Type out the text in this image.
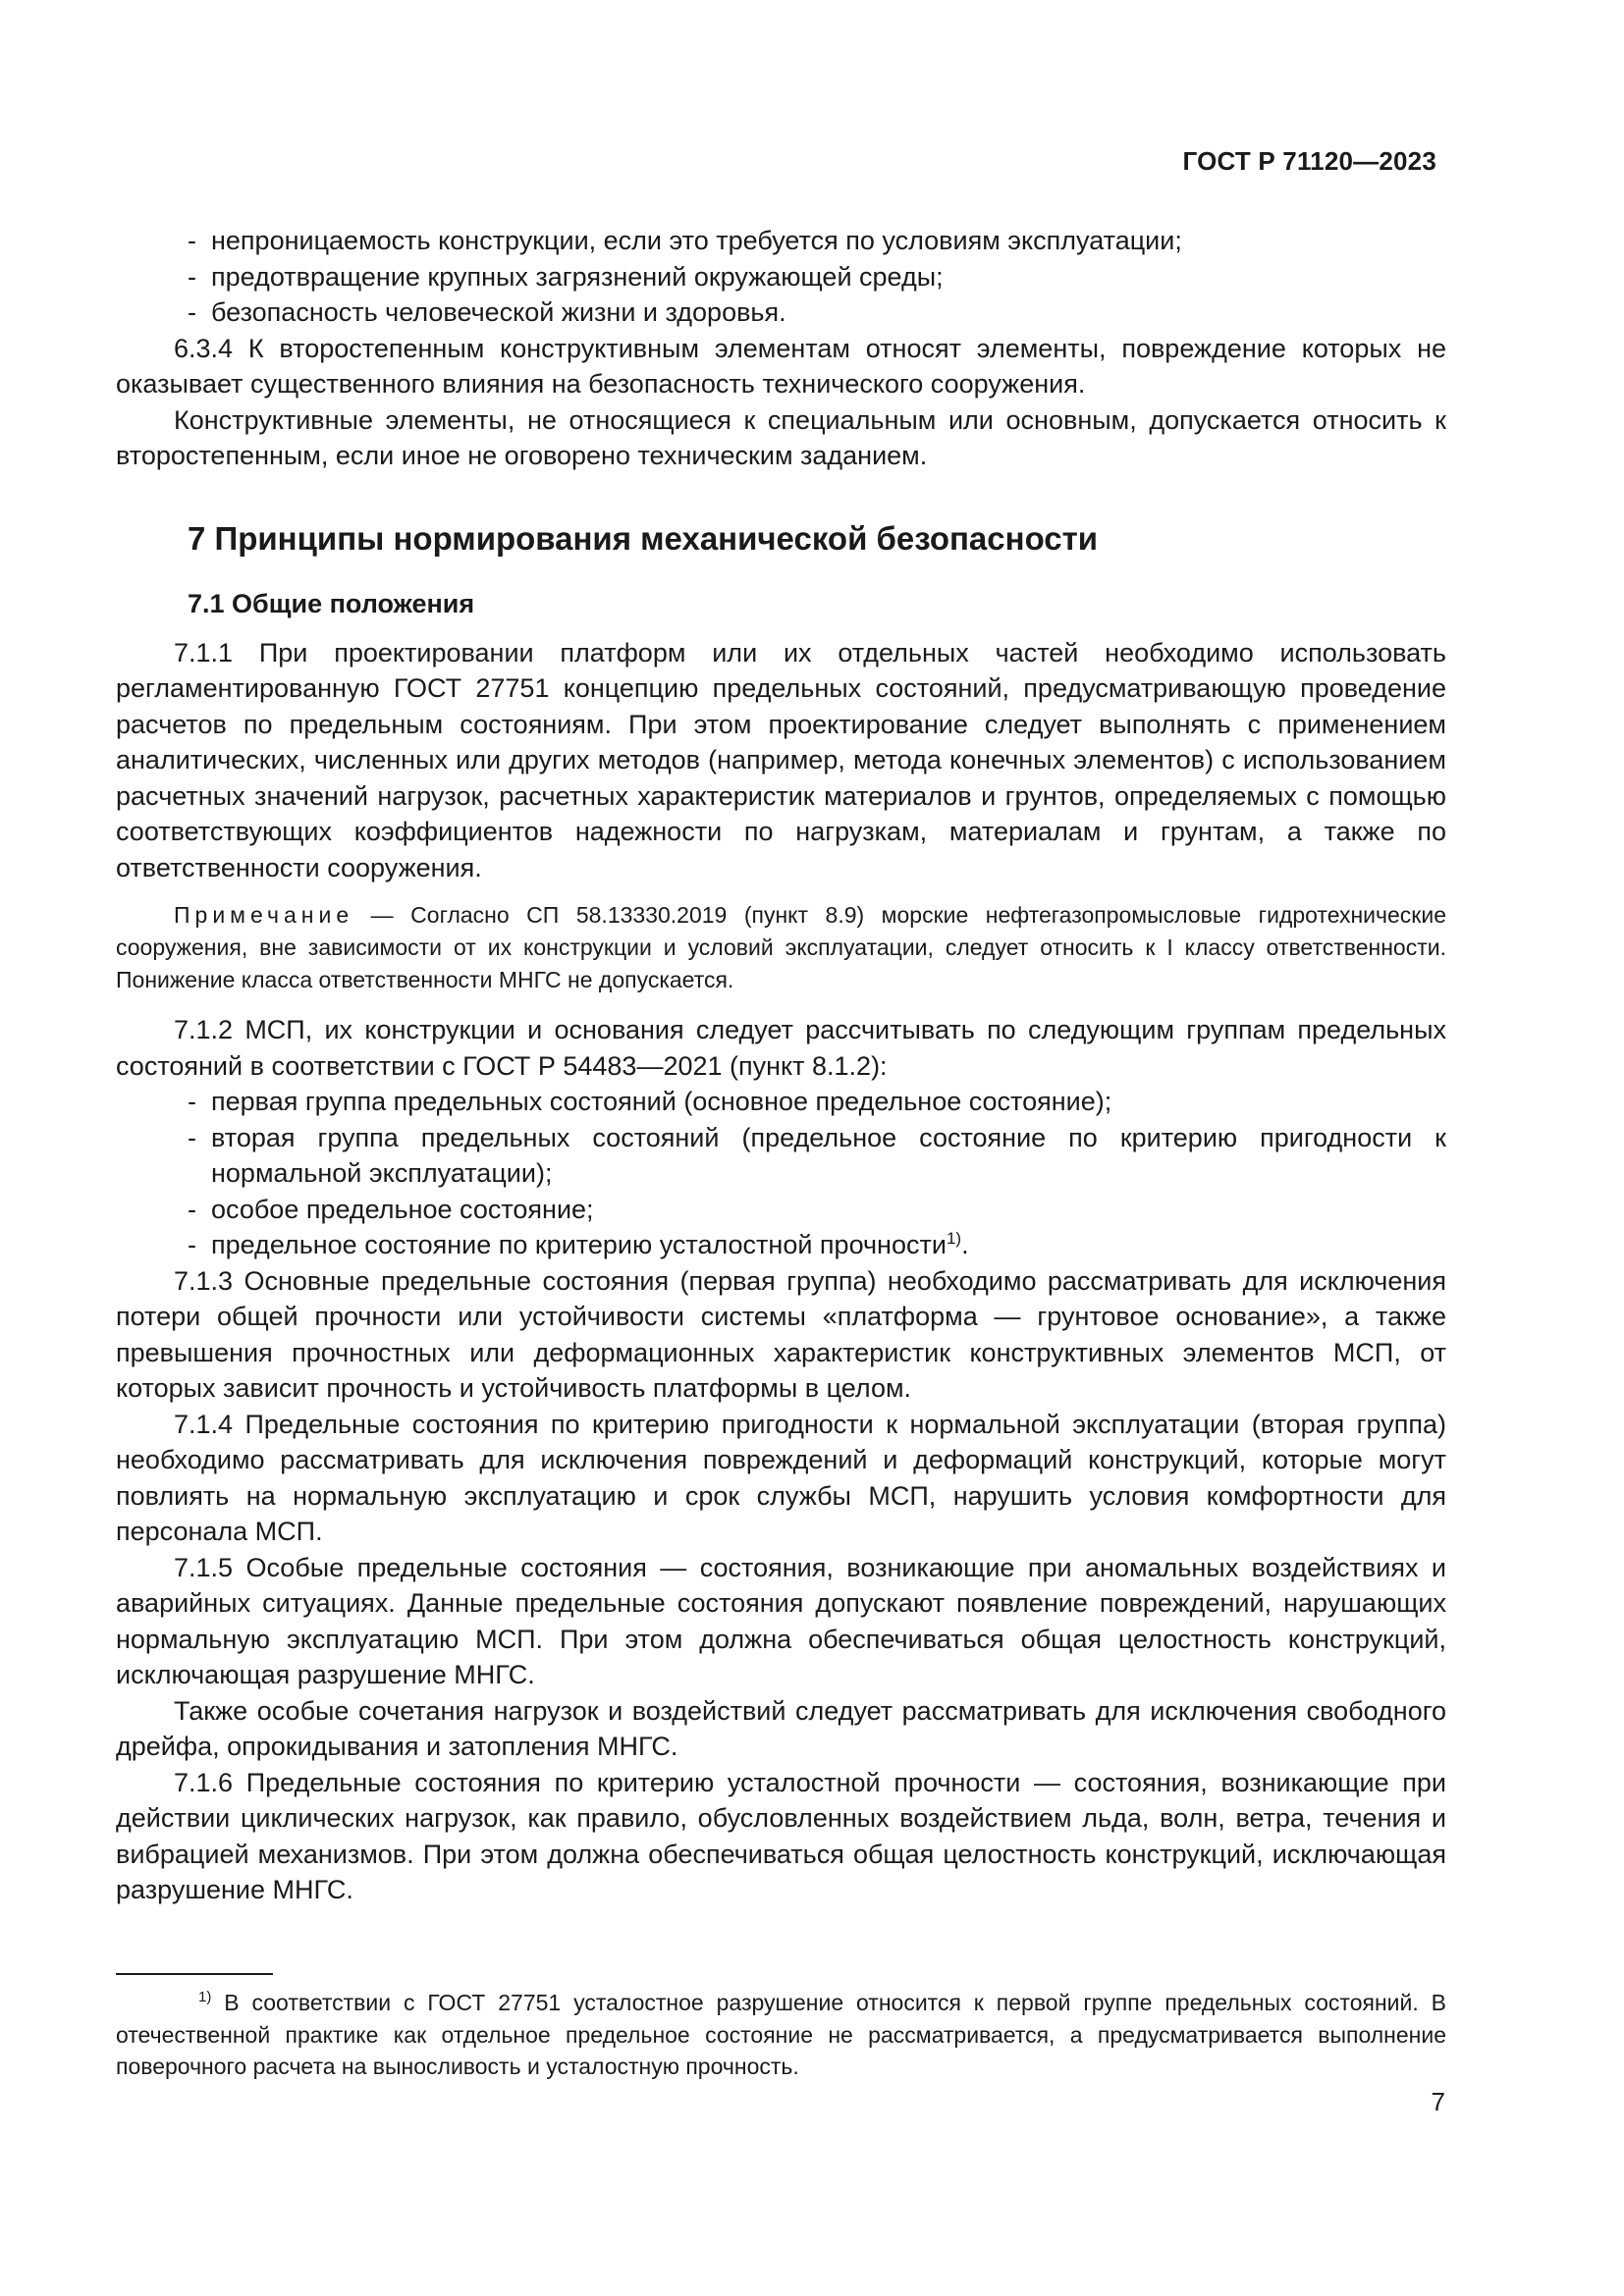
ГОСТ Р 71120—2023
- непроницаемость конструкции, если это требуется по условиям эксплуатации;
- предотвращение крупных загрязнений окружающей среды;
- безопасность человеческой жизни и здоровья.

6.3.4 К второстепенным конструктивным элементам относят элементы, повреждение которых не оказывает существенного влияния на безопасность технического сооружения.

Конструктивные элементы, не относящиеся к специальным или основным, допускается относить к второстепенным, если иное не оговорено техническим заданием.

7 Принципы нормирования механической безопасности
7.1 Общие положения

7.1.1 При проектировании платформ или их отдельных частей необходимо использовать регламентированную ГОСТ 27751 концепцию предельных состояний, предусматривающую проведение расчетов по предельным состояниям. При этом проектирование следует выполнять с применением аналитических, численных или других методов (например, метода конечных элементов) с использованием расчетных значений нагрузок, расчетных характеристик материалов и грунтов, определяемых с помощью соответствующих коэффициентов надежности по нагрузкам, материалам и грунтам, а также по ответственности сооружения.

Примечание — Согласно СП 58.13330.2019 (пункт 8.9) морские нефтегазопромысловые гидротехнические сооружения, вне зависимости от их конструкции и условий эксплуатации, следует относить к I классу ответственности. Понижение класса ответственности МНГС не допускается.

7.1.2 МСП, их конструкции и основания следует рассчитывать по следующим группам предельных состояний в соответствии с ГОСТ Р 54483—2021 (пункт 8.1.2):

- первая группа предельных состояний (основное предельное состояние);
- вторая группа предельных состояний (предельное состояние по критерию пригодности к нормальной эксплуатации);
- особое предельное состояние;
- предельное состояние по критерию усталостной прочности$^{1)}$.

7.1.3 Основные предельные состояния (первая группа) необходимо рассматривать для исключения потери общей прочности или устойчивости системы «платформа — грунтовое основание», а также превышения прочностных или деформационных характеристик конструктивных элементов МСП, от которых зависит прочность и устойчивость платформы в целом.

7.1.4 Предельные состояния по критерию пригодности к нормальной эксплуатации (вторая группа) необходимо рассматривать для исключения повреждений и деформаций конструкций, которые могут повлиять на нормальную эксплуатацию и срок службы МСП, нарушить условия комфортности для персонала МСП.

7.1.5 Особые предельные состояния — состояния, возникающие при аномальных воздействиях и аварийных ситуациях. Данные предельные состояния допускают появление повреждений, нарушающих нормальную эксплуатацию МСП. При этом должна обеспечиваться общая целостность конструкций, исключающая разрушение МНГС.

Также особые сочетания нагрузок и воздействий следует рассматривать для исключения свободного дрейфа, опрокидывания и затопления МНГС.

7.1.6 Предельные состояния по критерию усталостной прочности — состояния, возникающие при действии циклических нагрузок, как правило, обусловленных воздействием льда, волн, ветра, течения и вибрацией механизмов. При этом должна обеспечиваться общая целостность конструкций, исключающая разрушение МНГС.

$^{1)}$ В соответствии с ГОСТ 27751 усталостное разрушение относится к первой группе предельных состояний. В отечественной практике как отдельное предельное состояние не рассматривается, а предусматривается выполнение поверочного расчета на выносливость и усталостную прочность.
7
